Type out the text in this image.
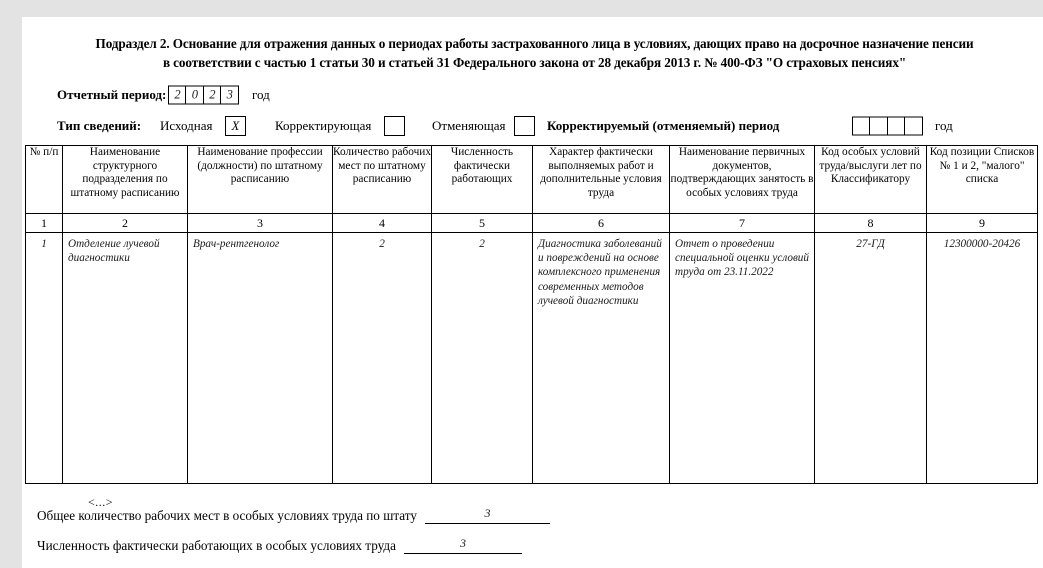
Подраздел 2. Основание для отражения данных о периодах работы застрахованного лица в условиях, дающих право на досрочное назначение пенсии
в соответствии с частью 1 статьи 30 и статьей 31 Федерального закона от 28 декабря 2013 г. № 400-ФЗ "О страховых пенсиях"
Отчетный период: 2 0 2 3	год
Тип сведений: Исходная	X	Корректирующая	Отменяющая	Корректируемый (отменяемый) период	год
№ п/п	Наименование структурного подразделения по штатному расписанию	Наименование профессии (должности) по штатному расписанию	Количество рабочих мест по штатному расписанию	Численность фактически работающих	Характер фактически выполняемых работ и дополнительные условия труда	Наименование первичных документов, подтверждающих занятость в особых условиях труда	Код особых условий труда/выслуги лет по Классификатору	Код позиции Списков № 1 и 2, "малого" списка
1	2	3	4	5	6	7	8	9
1	Отделение лучевой диагностики	Врач-рентгенолог	2	2	Диагностика заболеваний и повреждений на основе комплексного применения современных методов лучевой диагностики	Отчет о проведении специальной оценки условий труда от 23.11.2022	27-ГД	12300000-20426
<...>
Общее количество рабочих мест в особых условиях труда по штату	3
Численность фактически работающих в особых условиях труда	3
